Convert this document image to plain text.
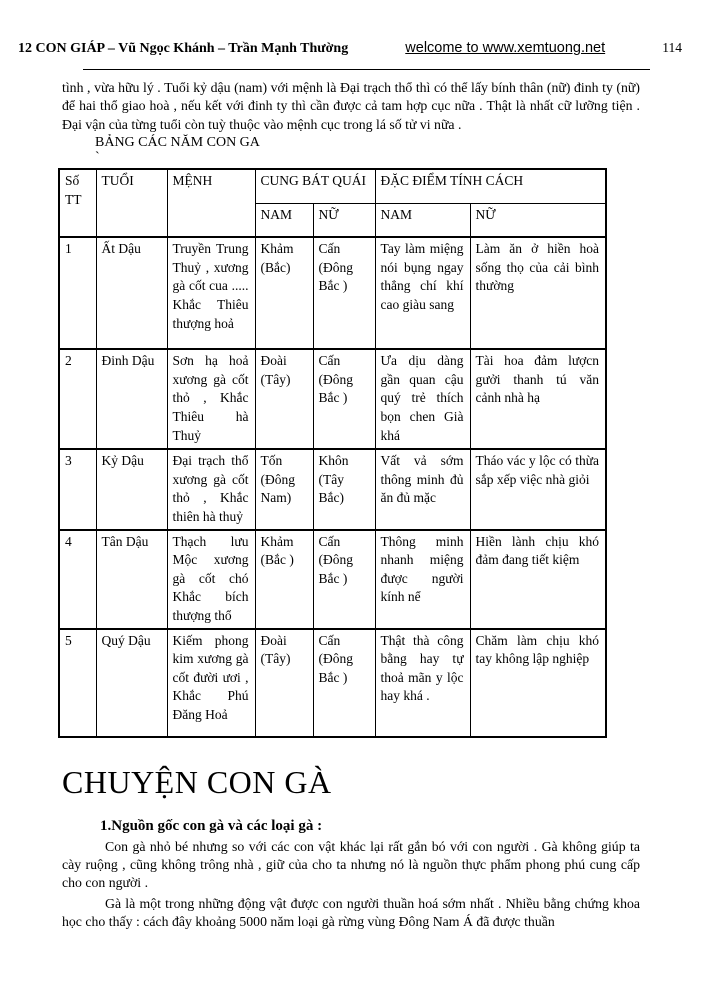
12 CON GIÁP – Vũ Ngọc Khánh – Trần Mạnh Thường	welcome to www.xemtuong.net	114

tình , vừa hữu lý . Tuổi kỷ dậu (nam) với mệnh là Đại trạch thổ thì có thể lấy bính thân (nữ) đinh ty (nữ) để hai thổ giao hoà , nếu kết với đinh ty thì cần được cả tam hợp cục nữa . Thật là nhất cữ lưỡng tiện . Đại vận của từng tuổi còn tuỳ thuộc vào mệnh cục trong lá số tử vi nữa .

BẢNG CÁC NĂM CON GA
`
Số TT	TUỔI	MỆNH	CUNG BÁT QUÁI		ĐẶC ĐIỂM TÍNH CÁCH	
			NAM	NỮ	NAM	NỮ
1	Ất Dậu	Truyền Trung Thuỷ , xương gà cốt cua ..... Khắc Thiêu thượng hoả	Khảm (Bắc)	Cấn (Đông Bắc )	Tay làm miệng nói bụng ngay thẳng chí khí cao giàu sang	Làm ăn ở hiền hoà sống thọ của cải bình thường
2	Đinh Dậu	Sơn hạ hoả xương gà cốt thỏ , Khắc Thiêu hà Thuỷ	Đoài (Tây)	Cấn (Đông Bắc )	Ưa dịu dàng gần quan cậu quý trẻ thích bọn chen Già khá	Tài hoa đảm lượcn gưởi thanh tú văn cảnh nhà hạ
3	Kỷ Dậu	Đại trạch thổ xương gà cốt thỏ , Khắc thiên hà thuỷ	Tốn (Đông Nam)	Khôn (Tây Bắc)	Vất vả sớm thông minh đủ ăn đủ mặc	Tháo vác y lộc có thừa sắp xếp việc nhà giỏi
4	Tân Dậu	Thạch lưu Mộc xương gà cốt chó Khắc bích thượng thổ	Khảm (Bắc )	Cấn (Đông Bắc )	Thông minh nhanh miệng được người kính nể	Hiền lành chịu khó đảm đang tiết kiệm
5	Quý Dậu	Kiếm phong kim xương gà cốt đười ươi , Khắc Phú Đăng Hoả	Đoài (Tây)	Cấn (Đông Bắc )	Thật thà công bằng hay tự thoả mãn y lộc hay khá .	Chăm làm chịu khó tay không lập nghiệp
CHUYỆN CON GÀ
1.Nguồn gốc con gà và các loại gà :

Con gà nhỏ bé nhưng so với các con vật khác lại rất gắn bó với con người . Gà không giúp ta cày ruộng , cũng không trông nhà , giữ của cho ta nhưng nó là nguồn thực phẩm phong phú cung cấp cho con người .

Gà là một trong những động vật được con người thuần hoá sớm nhất . Nhiều bằng chứng khoa học cho thấy : cách đây khoảng 5000 năm loại gà rừng vùng Đông Nam Á đã được thuần
